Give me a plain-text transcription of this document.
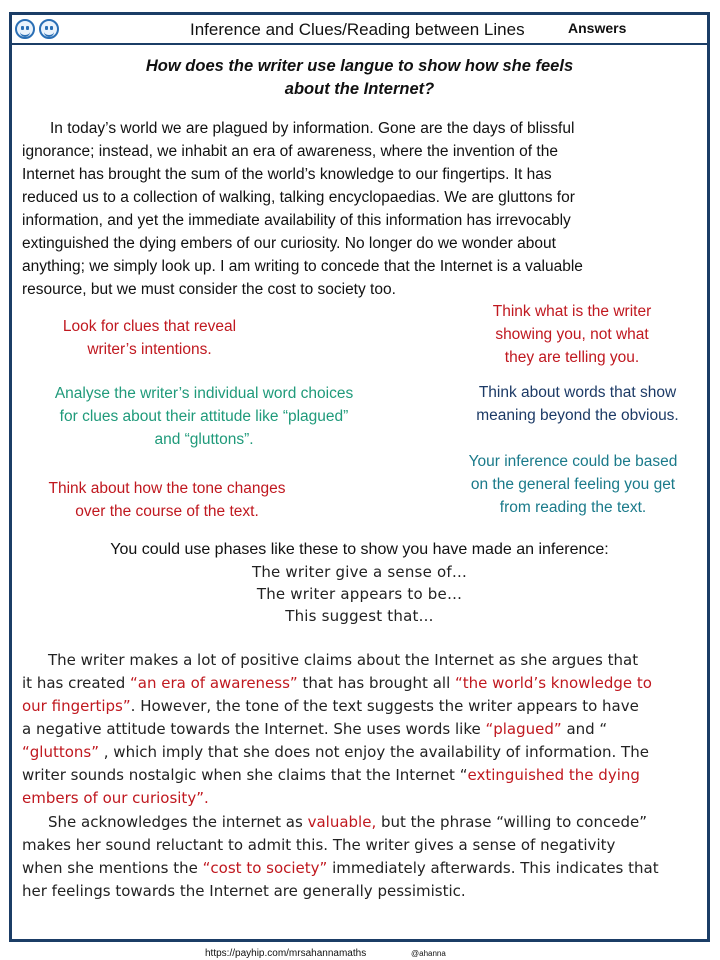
Inference and Clues/Reading between Lines	Answers
How does the writer use langue to show how she feels
about the Internet?
In today’s world we are plagued by information. Gone are the days of blissful
ignorance; instead, we inhabit an era of awareness, where the invention of the
Internet has brought the sum of the world’s knowledge to our fingertips. It has
reduced us to a collection of walking, talking encyclopaedias. We are gluttons for
information, and yet the immediate availability of this information has irrevocably
extinguished the dying embers of our curiosity. No longer do we wonder about
anything; we simply look up. I am writing to concede that the Internet is a valuable
resource, but we must consider the cost to society too.
Look for clues that reveal
writer’s intentions.
Think what is the writer
showing you, not what
they are telling you.
Analyse the writer’s individual word choices
for clues about their attitude like “plagued”
and “gluttons”.
Think about words that show
meaning beyond the obvious.
Think about how the tone changes
over the course of the text.
Your inference could be based
on the general feeling you get
from reading the text.

You could use phases like these to show you have made an inference:

The writer give a sense of…
The writer appears to be…
This suggest that…
The writer makes a lot of positive claims about the Internet as she argues that
it has created “an era of awareness” that has brought all “the world’s knowledge to
our fingertips”. However, the tone of the text suggests the writer appears to have
a negative attitude towards the Internet. She uses words like “plagued” and “
“gluttons” , which imply that she does not enjoy the availability of information. The
writer sounds nostalgic when she claims that the Internet “extinguished the dying
embers of our curiosity”.
She acknowledges the internet as valuable, but the phrase “willing to concede”
makes her sound reluctant to admit this. The writer gives a sense of negativity
when she mentions the “cost to society” immediately afterwards. This indicates that
her feelings towards the Internet are generally pessimistic.
https://payhip.com/mrsahannamaths	@ahanna
